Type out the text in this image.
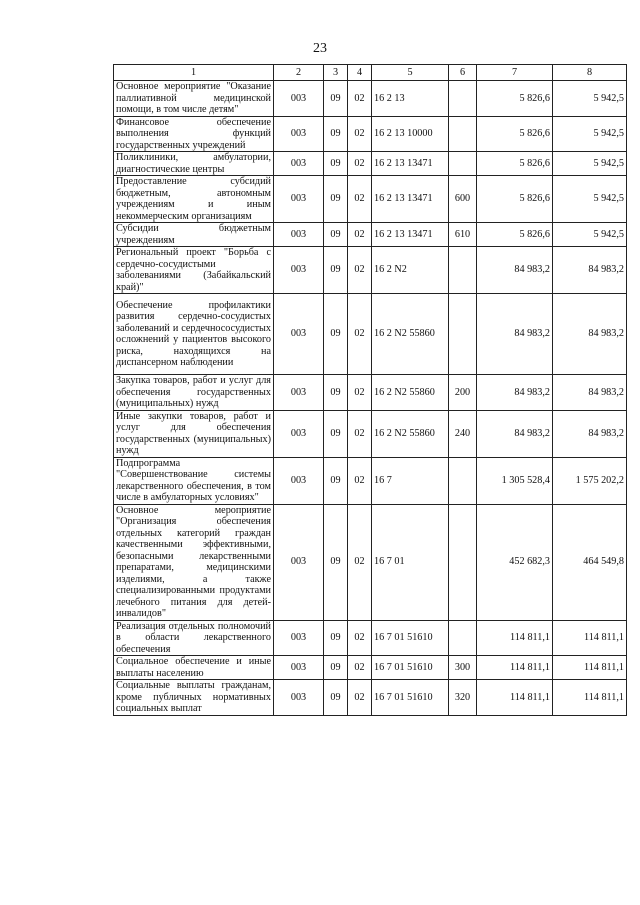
23
1	2	3	4	5	6	7	8
Основное мероприятие "Оказание паллиативной медицинской помощи, в том числе детям"	003	09	02	16 2 13		5 826,6	5 942,5
Финансовое обеспечение выполнения функций государственных учреждений	003	09	02	16 2 13 10000		5 826,6	5 942,5
Поликлиники, амбулатории, диагностические центры	003	09	02	16 2 13 13471		5 826,6	5 942,5
Предоставление субсидий бюджетным, автономным учреждениям и иным некоммерческим организациям	003	09	02	16 2 13 13471	600	5 826,6	5 942,5
Субсидии бюджетным учреждениям	003	09	02	16 2 13 13471	610	5 826,6	5 942,5
Региональный проект "Борьба с сердечно-сосудистыми заболеваниями (Забайкальский край)"	003	09	02	16 2 N2		84 983,2	84 983,2
Обеспечение профилактики развития сердечно-сосудистых заболеваний и сердечнососудистых осложнений у пациентов высокого риска, находящихся на диспансерном наблюдении	003	09	02	16 2 N2 55860		84 983,2	84 983,2
Закупка товаров, работ и услуг для обеспечения государственных (муниципальных) нужд	003	09	02	16 2 N2 55860	200	84 983,2	84 983,2
Иные закупки товаров, работ и услуг для обеспечения государственных (муниципальных) нужд	003	09	02	16 2 N2 55860	240	84 983,2	84 983,2
Подпрограмма "Совершенствование системы лекарственного обеспечения, в том числе в амбулаторных условиях"	003	09	02	16 7		1 305 528,4	1 575 202,2
Основное мероприятие "Организация обеспечения отдельных категорий граждан качественными эффективными, безопасными лекарственными препаратами, медицинскими изделиями, а также специализированными продуктами лечебного питания для детей-инвалидов"	003	09	02	16 7 01		452 682,3	464 549,8
Реализация отдельных полномочий в области лекарственного обеспечения	003	09	02	16 7 01 51610		114 811,1	114 811,1
Социальное обеспечение и иные выплаты населению	003	09	02	16 7 01 51610	300	114 811,1	114 811,1
Социальные выплаты гражданам, кроме публичных нормативных социальных выплат	003	09	02	16 7 01 51610	320	114 811,1	114 811,1
